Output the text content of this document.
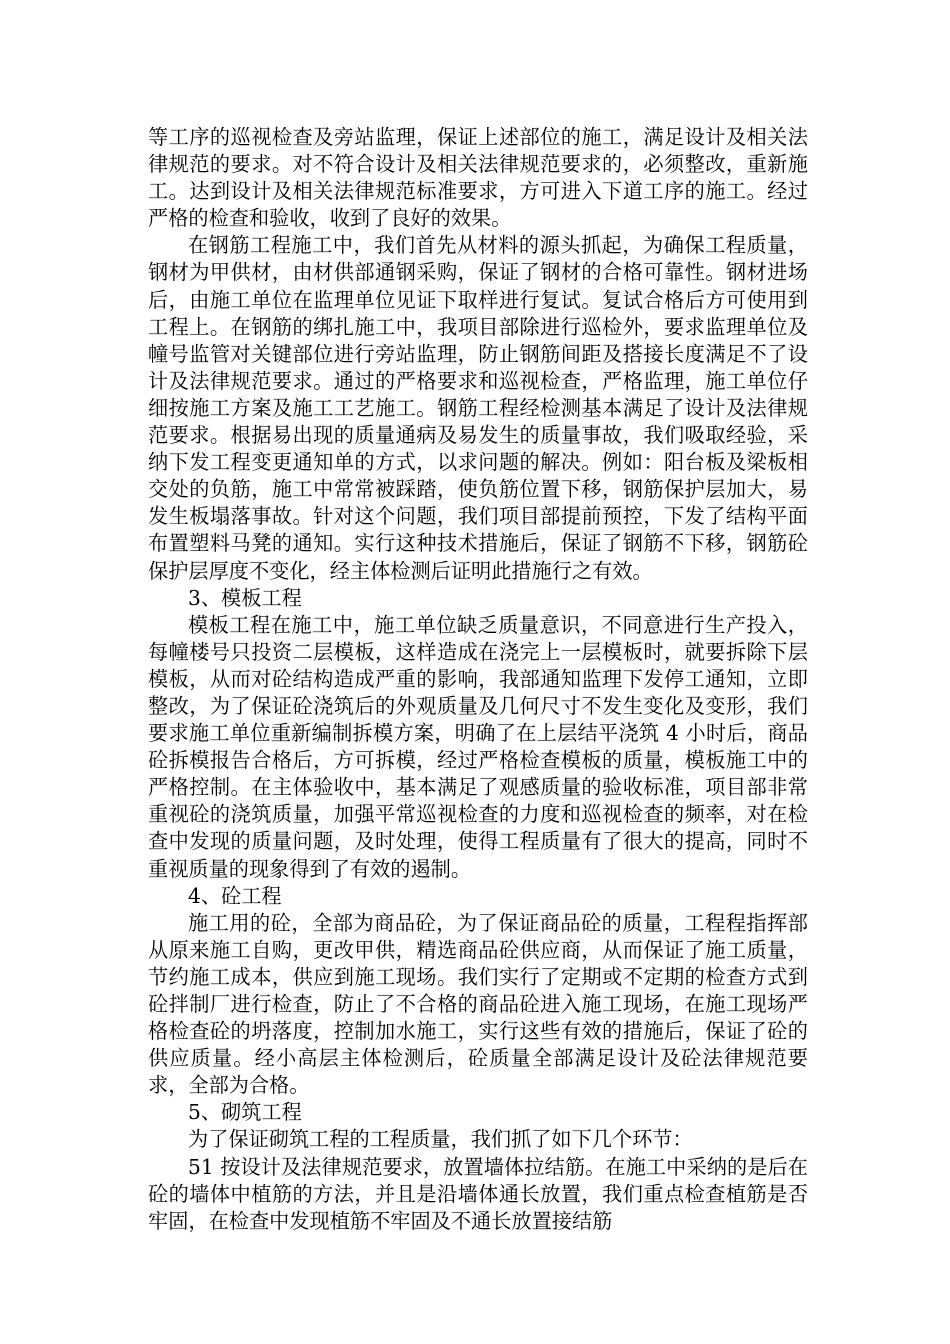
等工序的巡视检查及旁站监理，保证上述部位的施工，满足设计及相关法律规范的要求。对不符合设计及相关法律规范要求的，必须整改，重新施工。达到设计及相关法律规范标准要求，方可进入下道工序的施工。经过严格的检查和验收，收到了良好的效果。

在钢筋工程施工中，我们首先从材料的源头抓起，为确保工程质量，钢材为甲供材，由材供部通钢采购，保证了钢材的合格可靠性。钢材进场后，由施工单位在监理单位见证下取样进行复试。复试合格后方可使用到工程上。在钢筋的绑扎施工中，我项目部除进行巡检外，要求监理单位及幢号监管对关键部位进行旁站监理，防止钢筋间距及搭接长度满足不了设计及法律规范要求。通过的严格要求和巡视检查，严格监理，施工单位仔细按施工方案及施工工艺施工。钢筋工程经检测基本满足了设计及法律规范要求。根据易出现的质量通病及易发生的质量事故，我们吸取经验，采纳下发工程变更通知单的方式，以求问题的解决。例如：阳台板及梁板相交处的负筋，施工中常常被踩踏，使负筋位置下移，钢筋保护层加大，易发生板塌落事故。针对这个问题，我们项目部提前预控，下发了结构平面布置塑料马凳的通知。实行这种技术措施后，保证了钢筋不下移，钢筋砼保护层厚度不变化，经主体检测后证明此措施行之有效。

3、模板工程

模板工程在施工中，施工单位缺乏质量意识，不同意进行生产投入，每幢楼号只投资二层模板，这样造成在浇完上一层模板时，就要拆除下层模板，从而对砼结构造成严重的影响，我部通知监理下发停工通知，立即整改，为了保证砼浇筑后的外观质量及几何尺寸不发生变化及变形，我们要求施工单位重新编制拆模方案，明确了在上层结平浇筑 4 小时后，商品砼拆模报告合格后，方可拆模，经过严格检查模板的质量，模板施工中的严格控制。在主体验收中，基本满足了观感质量的验收标准，项目部非常重视砼的浇筑质量，加强平常巡视检查的力度和巡视检查的频率，对在检查中发现的质量问题，及时处理，使得工程质量有了很大的提高，同时不重视质量的现象得到了有效的遏制。

4、砼工程

施工用的砼，全部为商品砼，为了保证商品砼的质量，工程程指挥部从原来施工自购，更改甲供，精选商品砼供应商，从而保证了施工质量，节约施工成本，供应到施工现场。我们实行了定期或不定期的检查方式到砼拌制厂进行检查，防止了不合格的商品砼进入施工现场，在施工现场严格检查砼的坍落度，控制加水施工，实行这些有效的措施后，保证了砼的供应质量。经小高层主体检测后，砼质量全部满足设计及砼法律规范要求，全部为合格。

5、砌筑工程

为了保证砌筑工程的工程质量，我们抓了如下几个环节：

51 按设计及法律规范要求，放置墙体拉结筋。在施工中采纳的是后在砼的墙体中植筋的方法，并且是沿墙体通长放置，我们重点检查植筋是否牢固，在检查中发现植筋不牢固及不通长放置接结筋
